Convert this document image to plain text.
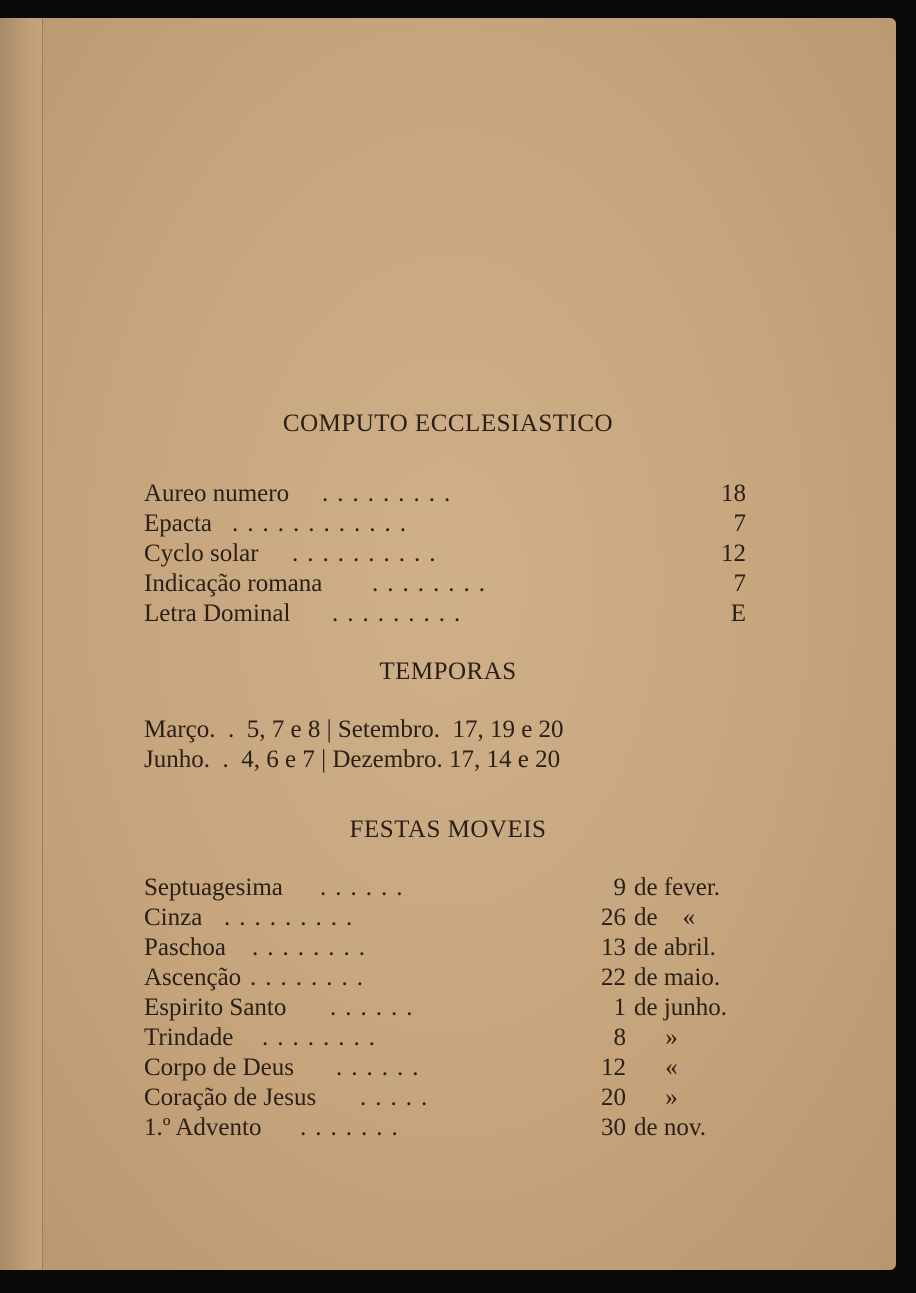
COMPUTO ECCLESIASTICO
Aureo numero .........	18
Epacta ............	7
Cyclo solar ..........	12
Indicação romana ........	7
Letra Dominal .........	E
TEMPORAS
Março.  .  5, 7 e 8 | Setembro. 17, 19 e 20
Junho.  .  4, 6 e 7 | Dezembro. 17, 14 e 20
FESTAS MOVEIS
Septuagesima ......	9 de fever.
Cinza .........	26 de    «
Paschoa ........	13 de abril.
Ascenção ........	22 de maio.
Espirito Santo ......	1 de junho.
Trindade ........	8 »
Corpo de Deus ......	12 «
Coração de Jesus .....	20 »
1.º Advento .......	30 de nov.
